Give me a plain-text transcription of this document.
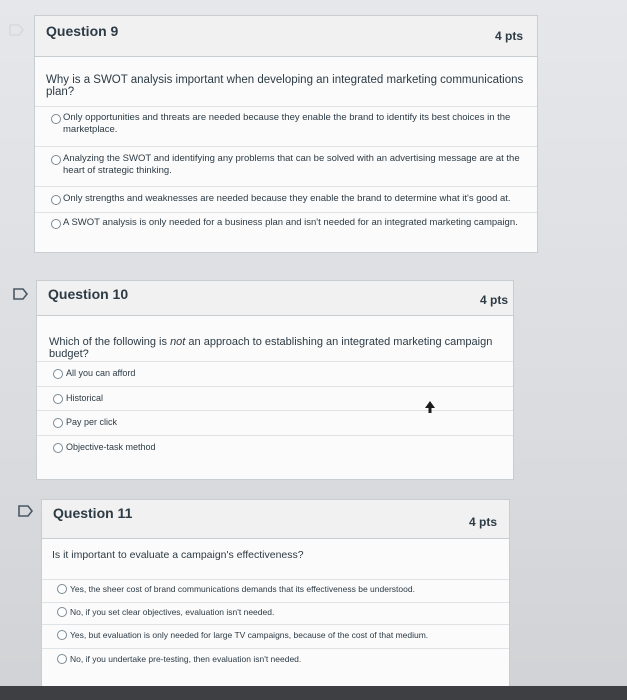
Question 9	4 pts
Why is a SWOT analysis important when developing an integrated marketing communications plan?
Only opportunities and threats are needed because they enable the brand to identify its best choices in the
marketplace.
Analyzing the SWOT and identifying any problems that can be solved with an advertising message are at the
heart of strategic thinking.
Only strengths and weaknesses are needed because they enable the brand to determine what it's good at.
A SWOT analysis is only needed for a business plan and isn't needed for an integrated marketing campaign.
Question 10	4 pts
Which of the following is not an approach to establishing an integrated marketing campaign budget?
All you can afford
Historical
Pay per click
Objective-task method
Question 11
4 pts
Is it important to evaluate a campaign's effectiveness?
Yes, the sheer cost of brand communications demands that its effectiveness be understood.
No, if you set clear objectives, evaluation isn't needed.
Yes, but evaluation is only needed for large TV campaigns, because of the cost of that medium.
No, if you undertake pre-testing, then evaluation isn't needed.
